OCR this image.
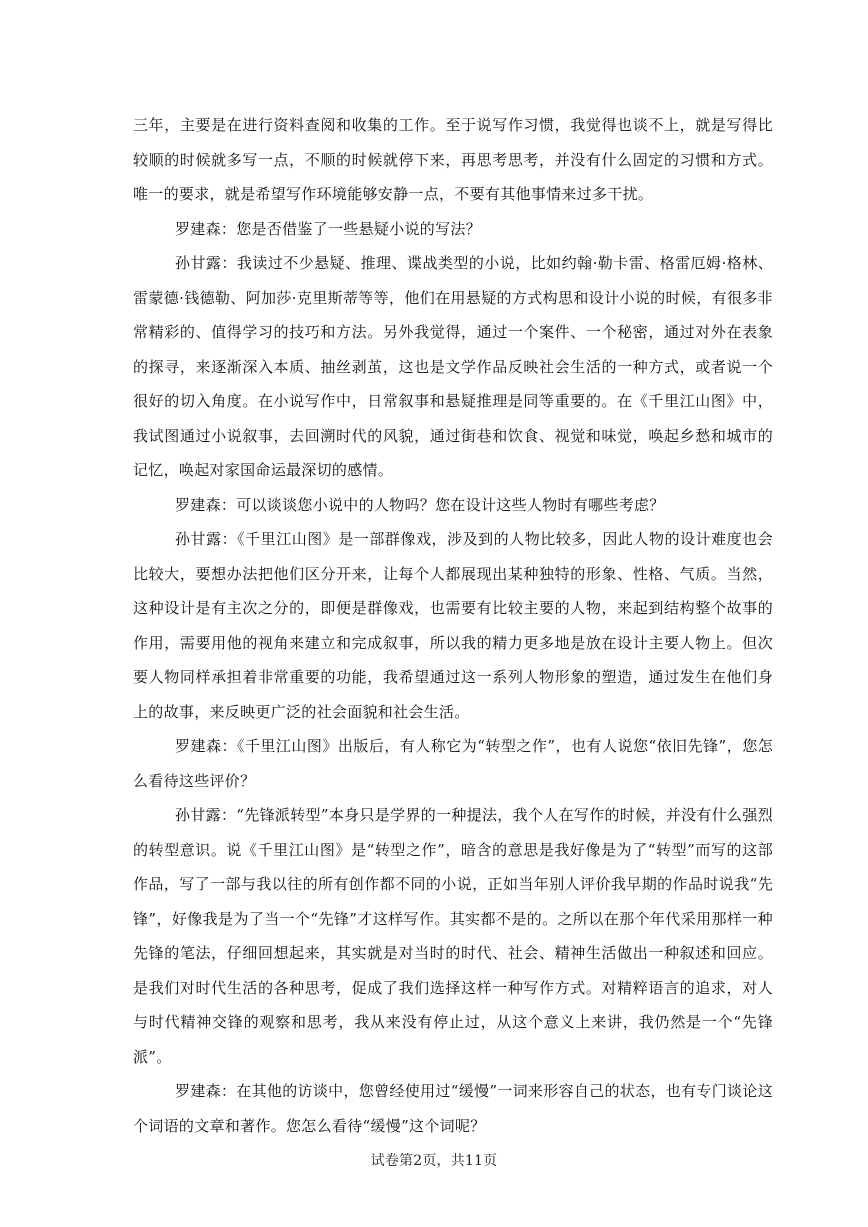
三年，主要是在进行资料查阅和收集的工作。至于说写作习惯，我觉得也谈不上，就是写得比较顺的时候就多写一点，不顺的时候就停下来，再思考思考，并没有什么固定的习惯和方式。唯一的要求，就是希望写作环境能够安静一点，不要有其他事情来过多干扰。

罗建森：您是否借鉴了一些悬疑小说的写法？

孙甘露：我读过不少悬疑、推理、谍战类型的小说，比如约翰·勒卡雷、格雷厄姆·格林、雷蒙德·钱德勒、阿加莎·克里斯蒂等等，他们在用悬疑的方式构思和设计小说的时候，有很多非常精彩的、值得学习的技巧和方法。另外我觉得，通过一个案件、一个秘密，通过对外在表象的探寻，来逐渐深入本质、抽丝剥茧，这也是文学作品反映社会生活的一种方式，或者说一个很好的切入角度。在小说写作中，日常叙事和悬疑推理是同等重要的。在《千里江山图》中，我试图通过小说叙事，去回溯时代的风貌，通过街巷和饮食、视觉和味觉，唤起乡愁和城市的记忆，唤起对家国命运最深切的感情。

罗建森：可以谈谈您小说中的人物吗？您在设计这些人物时有哪些考虑？

孙甘露：《千里江山图》是一部群像戏，涉及到的人物比较多，因此人物的设计难度也会比较大，要想办法把他们区分开来，让每个人都展现出某种独特的形象、性格、气质。当然，这种设计是有主次之分的，即便是群像戏，也需要有比较主要的人物，来起到结构整个故事的作用，需要用他的视角来建立和完成叙事，所以我的精力更多地是放在设计主要人物上。但次要人物同样承担着非常重要的功能，我希望通过这一系列人物形象的塑造，通过发生在他们身上的故事，来反映更广泛的社会面貌和社会生活。

罗建森：《千里江山图》出版后，有人称它为“转型之作”，也有人说您“依旧先锋”，您怎么看待这些评价？

孙甘露：“先锋派转型”本身只是学界的一种提法，我个人在写作的时候，并没有什么强烈的转型意识。说《千里江山图》是“转型之作”，暗含的意思是我好像是为了“转型”而写的这部作品，写了一部与我以往的所有创作都不同的小说，正如当年别人评价我早期的作品时说我“先锋”，好像我是为了当一个“先锋”才这样写作。其实都不是的。之所以在那个年代采用那样一种先锋的笔法，仔细回想起来，其实就是对当时的时代、社会、精神生活做出一种叙述和回应。是我们对时代生活的各种思考，促成了我们选择这样一种写作方式。对精粹语言的追求，对人与时代精神交锋的观察和思考，我从来没有停止过，从这个意义上来讲，我仍然是一个“先锋派”。

罗建森：在其他的访谈中，您曾经使用过“缓慢”一词来形容自己的状态，也有专门谈论这个词语的文章和著作。您怎么看待“缓慢”这个词呢？

试卷第2页，共11页
